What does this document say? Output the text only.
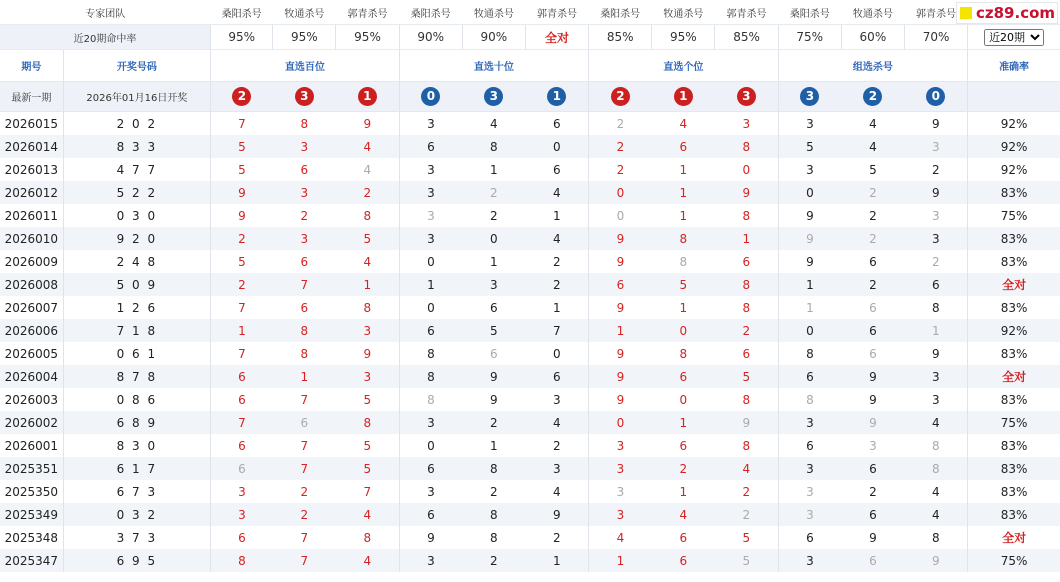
cz89.com
专家团队		桑阳杀号	牧通杀号	郭青杀号	桑阳杀号	牧通杀号	郭青杀号	桑阳杀号	牧通杀号	郭青杀号	桑阳杀号	牧通杀号	郭青杀号	
近20期命中率		95%	95%	95%	90%	90%	全对	85%	95%	85%	75%	60%	70%	
近20期
期号	开奖号码	直选百位			直选十位			直选个位			组选杀号			准确率
最新一期	2026年01月16日开奖	2	3	1	0	3	1	2	1	3	3	2	0	
2026015	2 0 2	7	8	9	3	4	6	2	4	3	3	4	9	92%
2026014	8 3 3	5	3	4	6	8	0	2	6	8	5	4	3	92%
2026013	4 7 7	5	6	4	3	1	6	2	1	0	3	5	2	92%
2026012	5 2 2	9	3	2	3	2	4	0	1	9	0	2	9	83%
2026011	0 3 0	9	2	8	3	2	1	0	1	8	9	2	3	75%
2026010	9 2 0	2	3	5	3	0	4	9	8	1	9	2	3	83%
2026009	2 4 8	5	6	4	0	1	2	9	8	6	9	6	2	83%
2026008	5 0 9	2	7	1	1	3	2	6	5	8	1	2	6	全对
2026007	1 2 6	7	6	8	0	6	1	9	1	8	1	6	8	83%
2026006	7 1 8	1	8	3	6	5	7	1	0	2	0	6	1	92%
2026005	0 6 1	7	8	9	8	6	0	9	8	6	8	6	9	83%
2026004	8 7 8	6	1	3	8	9	6	9	6	5	6	9	3	全对
2026003	0 8 6	6	7	5	8	9	3	9	0	8	8	9	3	83%
2026002	6 8 9	7	6	8	3	2	4	0	1	9	3	9	4	75%
2026001	8 3 0	6	7	5	0	1	2	3	6	8	6	3	8	83%
2025351	6 1 7	6	7	5	6	8	3	3	2	4	3	6	8	83%
2025350	6 7 3	3	2	7	3	2	4	3	1	2	3	2	4	83%
2025349	0 3 2	3	2	4	6	8	9	3	4	2	3	6	4	83%
2025348	3 7 3	6	7	8	9	8	2	4	6	5	6	9	8	全对
2025347	6 9 5	8	7	4	3	2	1	1	6	5	3	6	9	75%
